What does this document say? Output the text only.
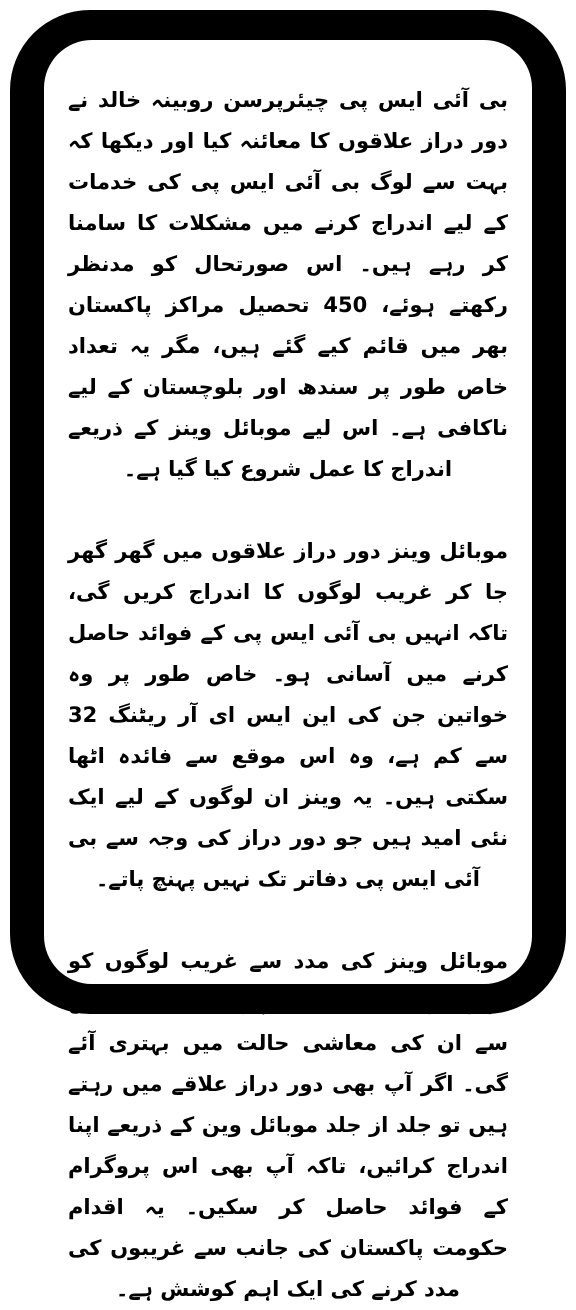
بی آئی ایس پی چیئرپرسن روبینہ خالد نے دور دراز علاقوں کا معائنہ کیا اور دیکھا کہ بہت سے لوگ بی آئی ایس پی کی خدمات کے لیے اندراج کرنے میں مشکلات کا سامنا کر رہے ہیں۔ اس صورتحال کو مدنظر رکھتے ہوئے، 450 تحصیل مراکز پاکستان بھر میں قائم کیے گئے ہیں، مگر یہ تعداد خاص طور پر سندھ اور بلوچستان کے لیے ناکافی ہے۔ اس لیے موبائل وینز کے ذریعے اندراج کا عمل شروع کیا گیا ہے۔

موبائل وینز دور دراز علاقوں میں گھر گھر جا کر غریب لوگوں کا اندراج کریں گی، تاکہ انہیں بی آئی ایس پی کے فوائد حاصل کرنے میں آسانی ہو۔ خاص طور پر وہ خواتین جن کی این ایس ای آر ریٹنگ 32 سے کم ہے، وہ اس موقع سے فائدہ اٹھا سکتی ہیں۔ یہ وینز ان لوگوں کے لیے ایک نئی امید ہیں جو دور دراز کی وجہ سے بی آئی ایس پی دفاتر تک نہیں پہنچ پاتے۔

موبائل وینز کی مدد سے غریب لوگوں کو گھر بیٹھے اندراج کی سہولت ملے گی، جس سے ان کی معاشی حالت میں بہتری آئے گی۔ اگر آپ بھی دور دراز علاقے میں رہتے ہیں تو جلد از جلد موبائل وین کے ذریعے اپنا اندراج کرائیں، تاکہ آپ بھی اس پروگرام کے فوائد حاصل کر سکیں۔ یہ اقدام حکومت پاکستان کی جانب سے غریبوں کی مدد کرنے کی ایک اہم کوشش ہے۔
